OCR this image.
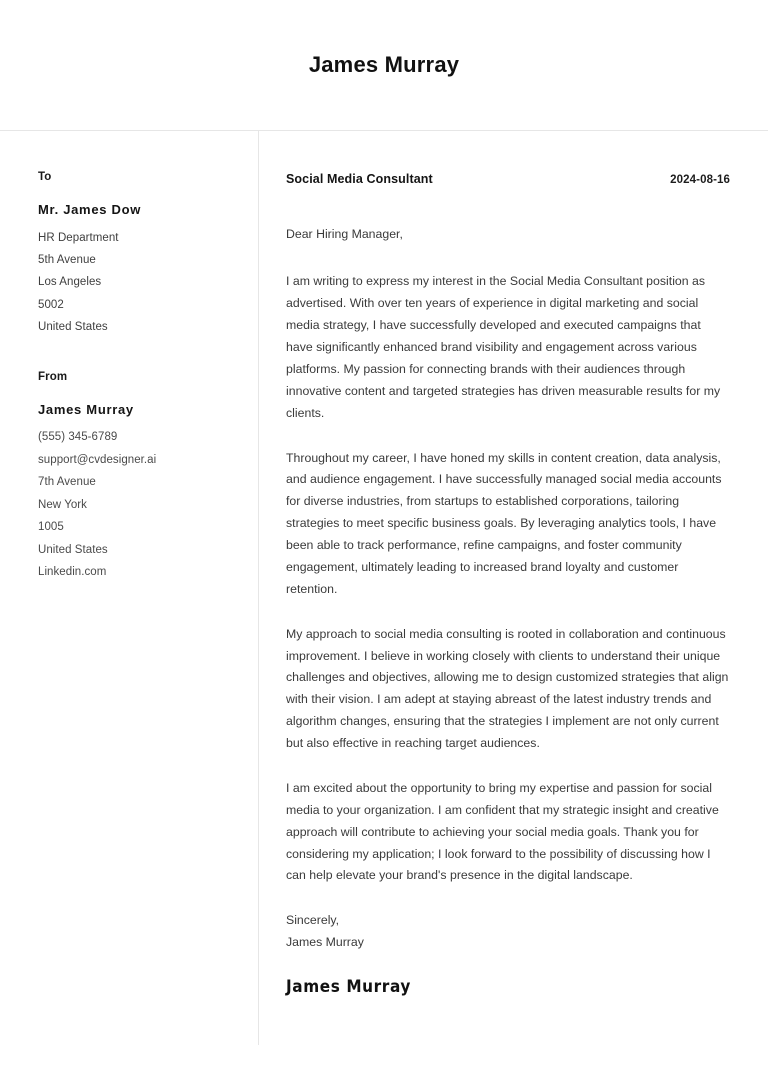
James Murray
To
Mr. James Dow
HR Department
5th Avenue
Los Angeles
5002
United States
From
James Murray
(555) 345-6789
support@cvdesigner.ai
7th Avenue
New York
1005
United States
Linkedin.com
Social Media Consultant	2024-08-16
Dear Hiring Manager,

I am writing to express my interest in the Social Media Consultant position as advertised. With over ten years of experience in digital marketing and social media strategy, I have successfully developed and executed campaigns that have significantly enhanced brand visibility and engagement across various platforms. My passion for connecting brands with their audiences through innovative content and targeted strategies has driven measurable results for my clients.

Throughout my career, I have honed my skills in content creation, data analysis, and audience engagement. I have successfully managed social media accounts for diverse industries, from startups to established corporations, tailoring strategies to meet specific business goals. By leveraging analytics tools, I have been able to track performance, refine campaigns, and foster community engagement, ultimately leading to increased brand loyalty and customer retention.

My approach to social media consulting is rooted in collaboration and continuous improvement. I believe in working closely with clients to understand their unique challenges and objectives, allowing me to design customized strategies that align with their vision. I am adept at staying abreast of the latest industry trends and algorithm changes, ensuring that the strategies I implement are not only current but also effective in reaching target audiences.

I am excited about the opportunity to bring my expertise and passion for social media to your organization. I am confident that my strategic insight and creative approach will contribute to achieving your social media goals. Thank you for considering my application; I look forward to the possibility of discussing how I can help elevate your brand's presence in the digital landscape.

Sincerely,
James Murray
James Murray
